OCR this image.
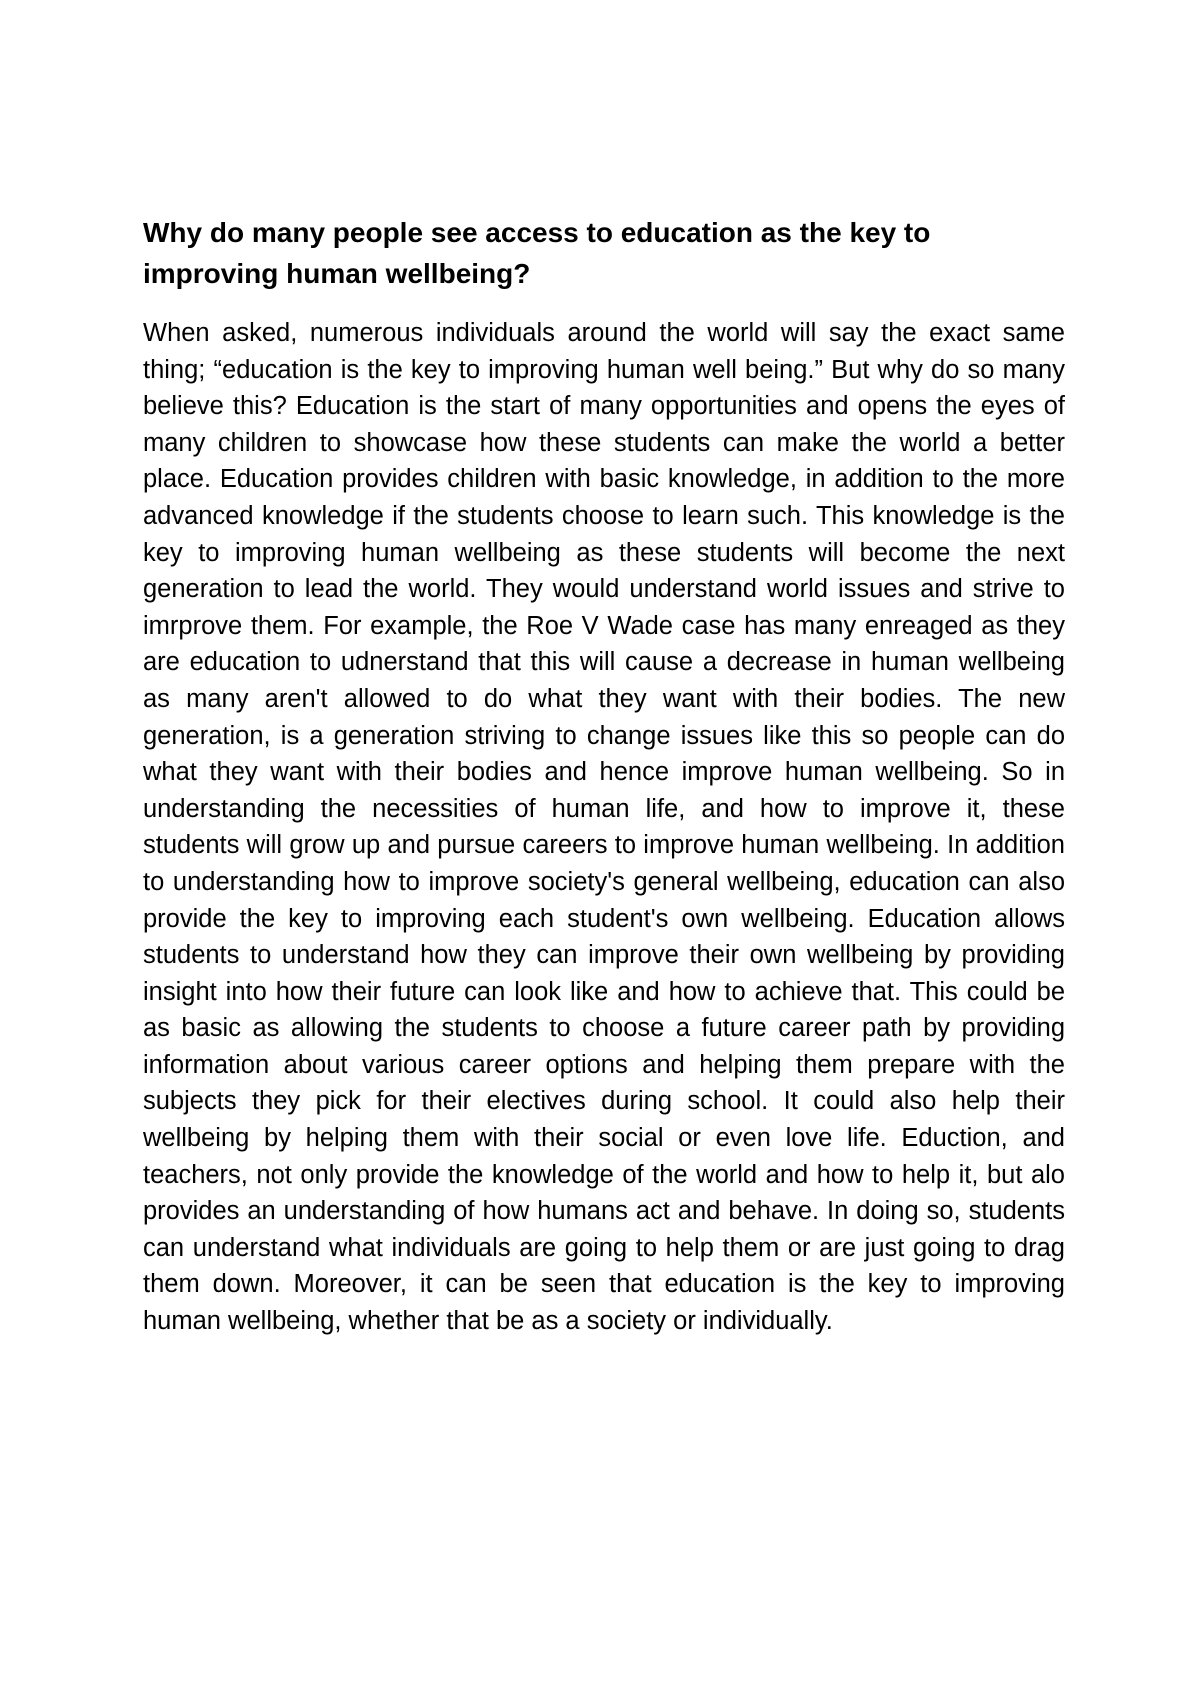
Why do many people see access to education as the key to improving human wellbeing?

When asked, numerous individuals around the world will say the exact same thing; “education is the key to improving human well being.” But why do so many believe this? Education is the start of many opportunities and opens the eyes of many children to showcase how these students can make the world a better place. Education provides children with basic knowledge, in addition to the more advanced knowledge if the students choose to learn such. This knowledge is the key to improving human wellbeing as these students will become the next generation to lead the world. They would understand world issues and strive to imrprove them. For example, the Roe V Wade case has many enreaged as they are education to udnerstand that this will cause a decrease in human wellbeing as many aren't allowed to do what they want with their bodies. The new generation, is a generation striving to change issues like this so people can do what they want with their bodies and hence improve human wellbeing. So in understanding the necessities of human life, and how to improve it, these students will grow up and pursue careers to improve human wellbeing. In addition to understanding how to improve society's general wellbeing, education can also provide the key to improving each student's own wellbeing. Education allows students to understand how they can improve their own wellbeing by providing insight into how their future can look like and how to achieve that. This could be as basic as allowing the students to choose a future career path by providing information about various career options and helping them prepare with the subjects they pick for their electives during school. It could also help their wellbeing by helping them with their social or even love life. Eduction, and teachers, not only provide the knowledge of the world and how to help it, but alo provides an understanding of how humans act and behave. In doing so, students can understand what individuals are going to help them or are just going to drag them down. Moreover, it can be seen that education is the key to improving human wellbeing, whether that be as a society or individually.
